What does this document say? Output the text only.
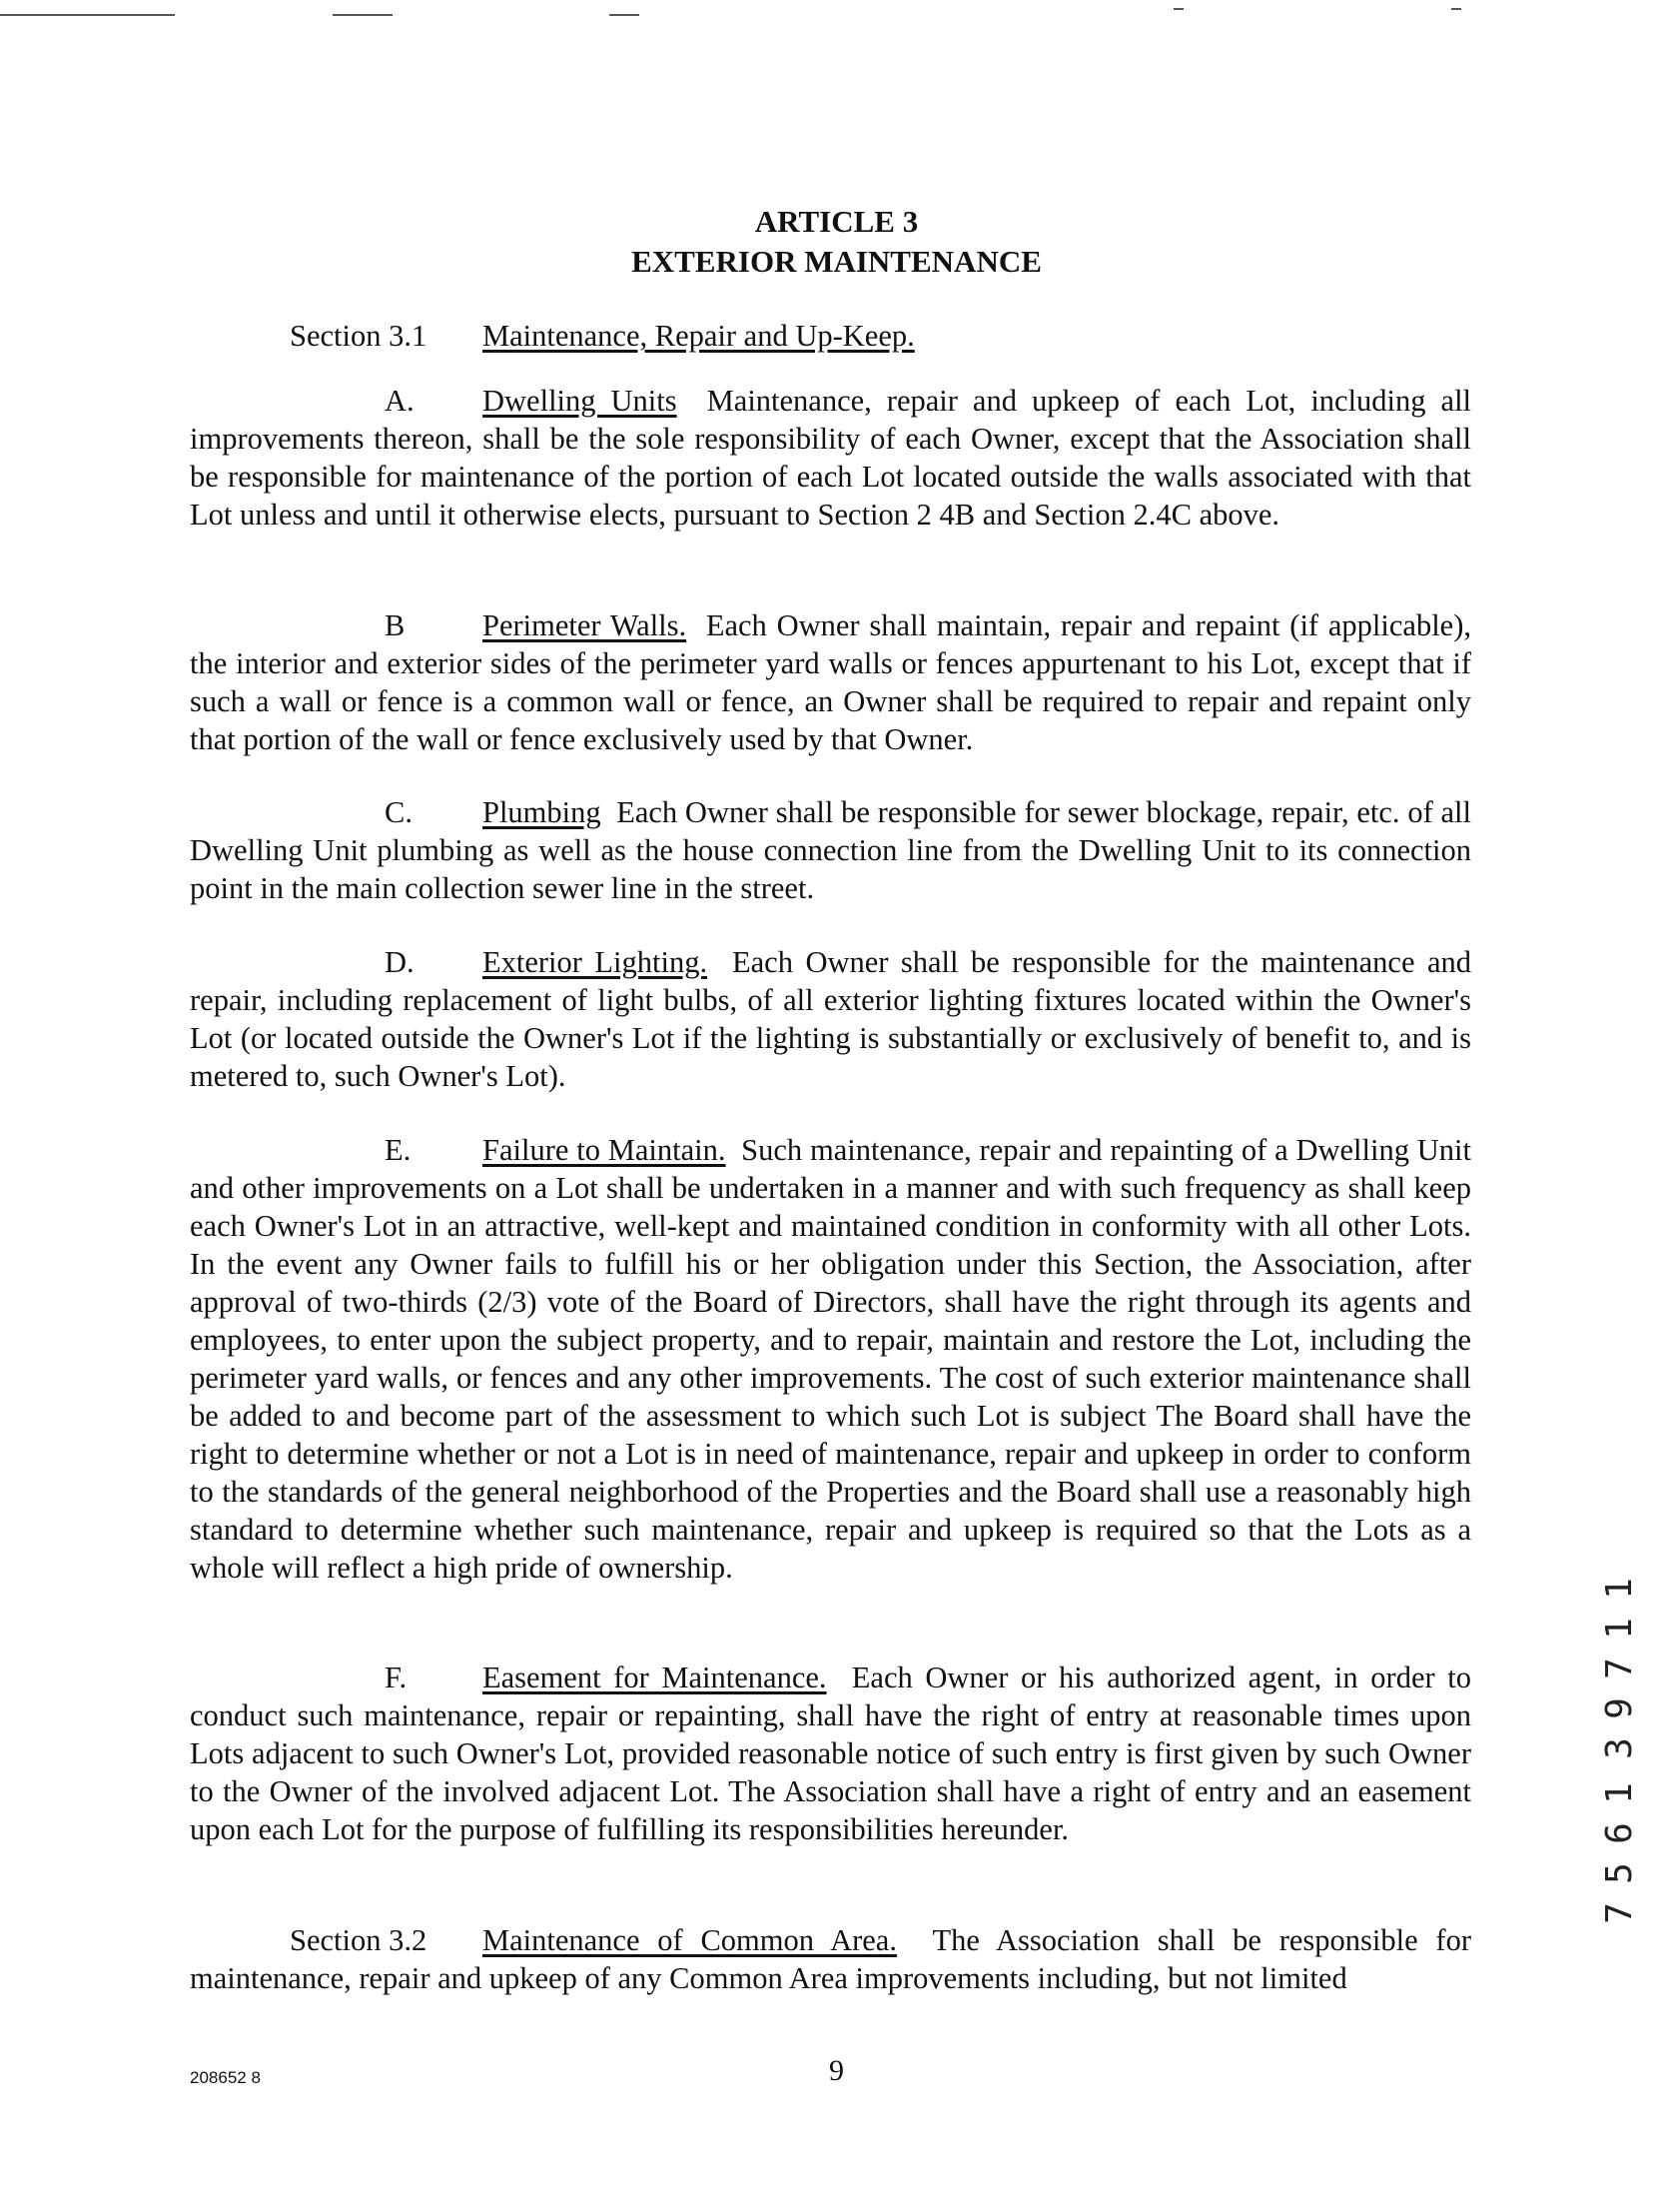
ARTICLE 3
EXTERIOR MAINTENANCE
Section 3.1 Maintenance, Repair and Up-Keep.
A. Dwelling Units Maintenance, repair and upkeep of each Lot, including all improvements thereon, shall be the sole responsibility of each Owner, except that the Association shall be responsible for maintenance of the portion of each Lot located outside the walls associated with that Lot unless and until it otherwise elects, pursuant to Section 2 4B and Section 2.4C above.
B	Perimeter Walls. Each Owner shall maintain, repair and repaint (if applicable), the interior and exterior sides of the perimeter yard walls or fences appurtenant to his Lot, except that if such a wall or fence is a common wall or fence, an Owner shall be required to repair and repaint only that portion of the wall or fence exclusively used by that Owner.
C. Plumbing Each Owner shall be responsible for sewer blockage, repair, etc. of all Dwelling Unit plumbing as well as the house connection line from the Dwelling Unit to its connection point in the main collection sewer line in the street.
D. Exterior Lighting. Each Owner shall be responsible for the maintenance and repair, including replacement of light bulbs, of all exterior lighting fixtures located within the Owner's Lot (or located outside the Owner's Lot if the lighting is substantially or exclusively of benefit to, and is metered to, such Owner's Lot).
E. Failure to Maintain. Such maintenance, repair and repainting of a Dwelling Unit and other improvements on a Lot shall be undertaken in a manner and with such frequency as shall keep each Owner's Lot in an attractive, well-kept and maintained condition in conformity with all other Lots. In the event any Owner fails to fulfill his or her obligation under this Section, the Association, after approval of two-thirds (2/3) vote of the Board of Directors, shall have the right through its agents and employees, to enter upon the subject property, and to repair, maintain and restore the Lot, including the perimeter yard walls, or fences and any other improvements. The cost of such exterior maintenance shall be added to and become part of the assessment to which such Lot is subject The Board shall have the right to determine whether or not a Lot is in need of maintenance, repair and upkeep in order to conform to the standards of the general neighborhood of the Properties and the Board shall use a reasonably high standard to determine whether such maintenance, repair and upkeep is required so that the Lots as a whole will reflect a high pride of ownership.
F. Easement for Maintenance. Each Owner or his authorized agent, in order to conduct such maintenance, repair or repainting, shall have the right of entry at reasonable times upon Lots adjacent to such Owner's Lot, provided reasonable notice of such entry is first given by such Owner to the Owner of the involved adjacent Lot. The Association shall have a right of entry and an easement upon each Lot for the purpose of fulfilling its responsibilities hereunder.
Section 3.2 Maintenance of Common Area. The Association shall be responsible for maintenance, repair and upkeep of any Common Area improvements including, but not limited
208652 8	9
1
1
7
9
3
1
6
5
7
